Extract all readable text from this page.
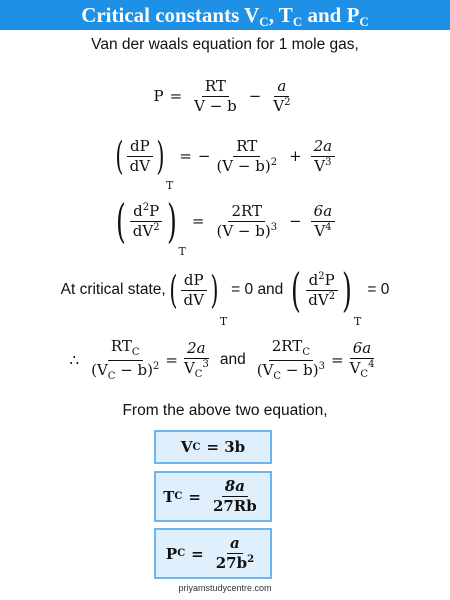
Critical constants $V_C$, $T_C$ and $P_C$
Van der waals equation for 1 mole gas,
$P = \frac{RT}{V - b} - \frac{a}{V^2}$
( $\frac{dP}{dV}$ )
T
= − $\frac{RT}{(V - b)^2} + \frac{2a}{V^3}$
( $\frac{d^2P}{dV^2}$ )
T
= $\frac{2RT}{(V - b)^3} - \frac{6a}{V^4}$
At critical state, ( $\frac{dP}{dV}$ )
T
= 0 and ( $\frac{d^2P}{dV^2}$ )
T
= 0
∴ $\frac{RT_C}{(V_C - b)^2} = \frac{2a}{V_C^3}$ and $\frac{2RT_C}{(V_C - b)^3} = \frac{6a}{V_C^4}$
From the above two equation,
V C = 3b
T $C = \frac{8a}{27Rb}$
P $C = \frac{a}{27b^2}$
priyamstudycentre.com
